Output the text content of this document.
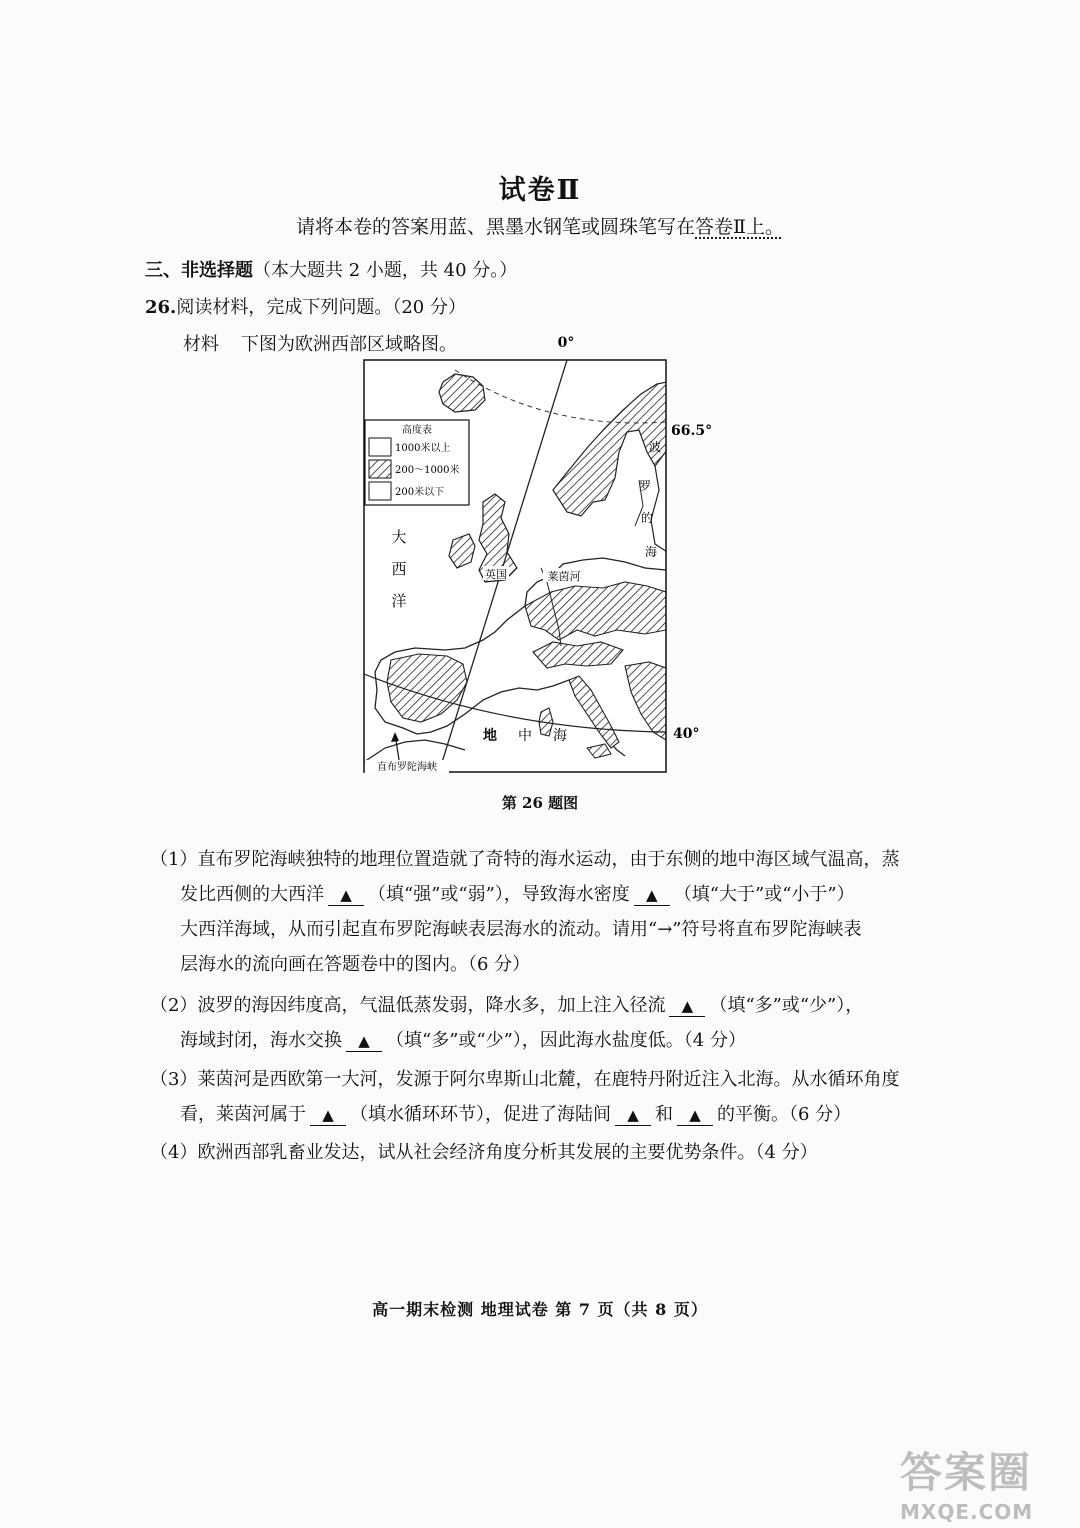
试卷Ⅱ
请将本卷的答案用蓝、黑墨水钢笔或圆珠笔写在答卷Ⅱ上。
三、非选择题（本大题共 2 小题，共 40 分。）
26.阅读材料，完成下列问题。（20 分）
材料 下图为欧洲西部区域略图。	0°
66.5°
40°
高度表
1000米以上
200～1000米
200米以下
大
西
洋
英国	莱茵河
波
罗
的
海
地 中 海
直布罗陀海峡
第 26 题图
（1）直布罗陀海峡独特的地理位置造就了奇特的海水运动，由于东侧的地中海区域气温高，蒸
发比西侧的大西洋 ▲ （填“强”或“弱”），导致海水密度 ▲ （填“大于”或“小于”）
大西洋海域，从而引起直布罗陀海峡表层海水的流动。请用“→”符号将直布罗陀海峡表
层海水的流向画在答题卷中的图内。（6 分）
（2）波罗的海因纬度高，气温低蒸发弱，降水多，加上注入径流 ▲ （填“多”或“少”），
海域封闭，海水交换 ▲ （填“多”或“少”），因此海水盐度低。（4 分）
（3）莱茵河是西欧第一大河，发源于阿尔卑斯山北麓，在鹿特丹附近注入北海。从水循环角度
看，莱茵河属于 ▲ （填水循环环节），促进了海陆间 ▲ 和 ▲ 的平衡。（6 分）
（4）欧洲西部乳畜业发达，试从社会经济角度分析其发展的主要优势条件。（4 分）
高一期末检测 地理试卷 第 7 页（共 8 页）
答案圈
MXQE.COM
